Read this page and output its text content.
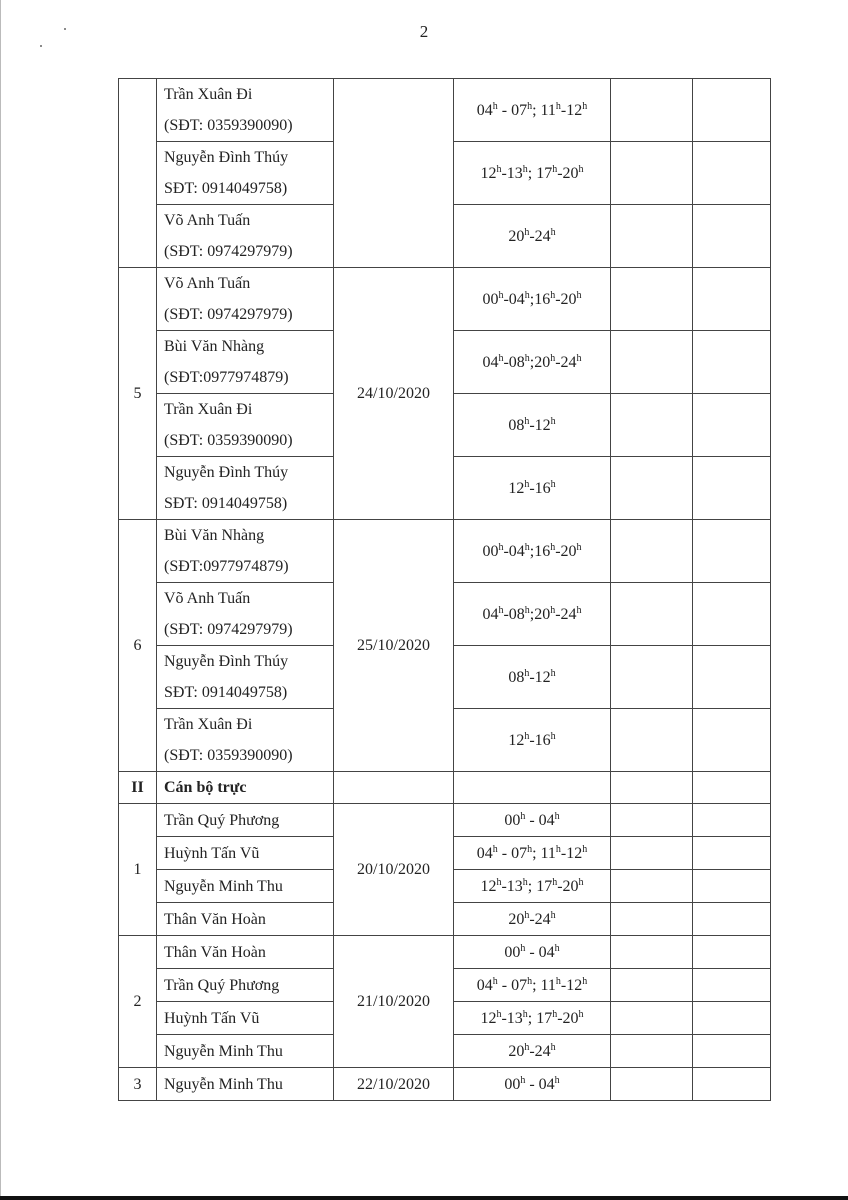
2

	Trần Xuân Đi
(SĐT: 0359390090)		04$^h$ - 07$^h$; 11$^h$-12$^h$		

	Nguyễn Đình Thúy
SĐT: 0914049758)		12$^h$-13$^h$; 17$^h$-20$^h$		

	Võ Anh Tuấn
(SĐT: 0974297979)		20$^h$-24$^h$		
5	Võ Anh Tuấn
(SĐT: 0974297979)	24/10/2020	00$^h$-04$^h$;16$^h$-20$^h$		

	Bùi Văn Nhàng
(SĐT:0977974879)		04$^h$-08$^h$;20$^h$-24$^h$		

	Trần Xuân Đi
(SĐT: 0359390090)		08$^h$-12$^h$		

	Nguyễn Đình Thúy
SĐT: 0914049758)		12$^h$-16$^h$		
6	Bùi Văn Nhàng
(SĐT:0977974879)	25/10/2020	00$^h$-04$^h$;16$^h$-20$^h$		

	Võ Anh Tuấn
(SĐT: 0974297979)		04$^h$-08$^h$;20$^h$-24$^h$		

	Nguyễn Đình Thúy
SĐT: 0914049758)		08$^h$-12$^h$		

	Trần Xuân Đi
(SĐT: 0359390090)		12$^h$-16$^h$		
II	Cán bộ trực				
1	Trần Quý Phương	20/10/2020	00$^h$ - 04$^h$		
	Huỳnh Tấn Vũ		04$^h$ - 07$^h$; 11$^h$-12$^h$		
	Nguyễn Minh Thu		12$^h$-13$^h$; 17$^h$-20$^h$		
	Thân Văn Hoàn		20$^h$-24$^h$		
2	Thân Văn Hoàn	21/10/2020	00$^h$ - 04$^h$		
	Trần Quý Phương		04$^h$ - 07$^h$; 11$^h$-12$^h$		
	Huỳnh Tấn Vũ		12$^h$-13$^h$; 17$^h$-20$^h$		
	Nguyễn Minh Thu		20$^h$-24$^h$		
3	Nguyễn Minh Thu	22/10/2020	00$^h$ - 04$^h$		
